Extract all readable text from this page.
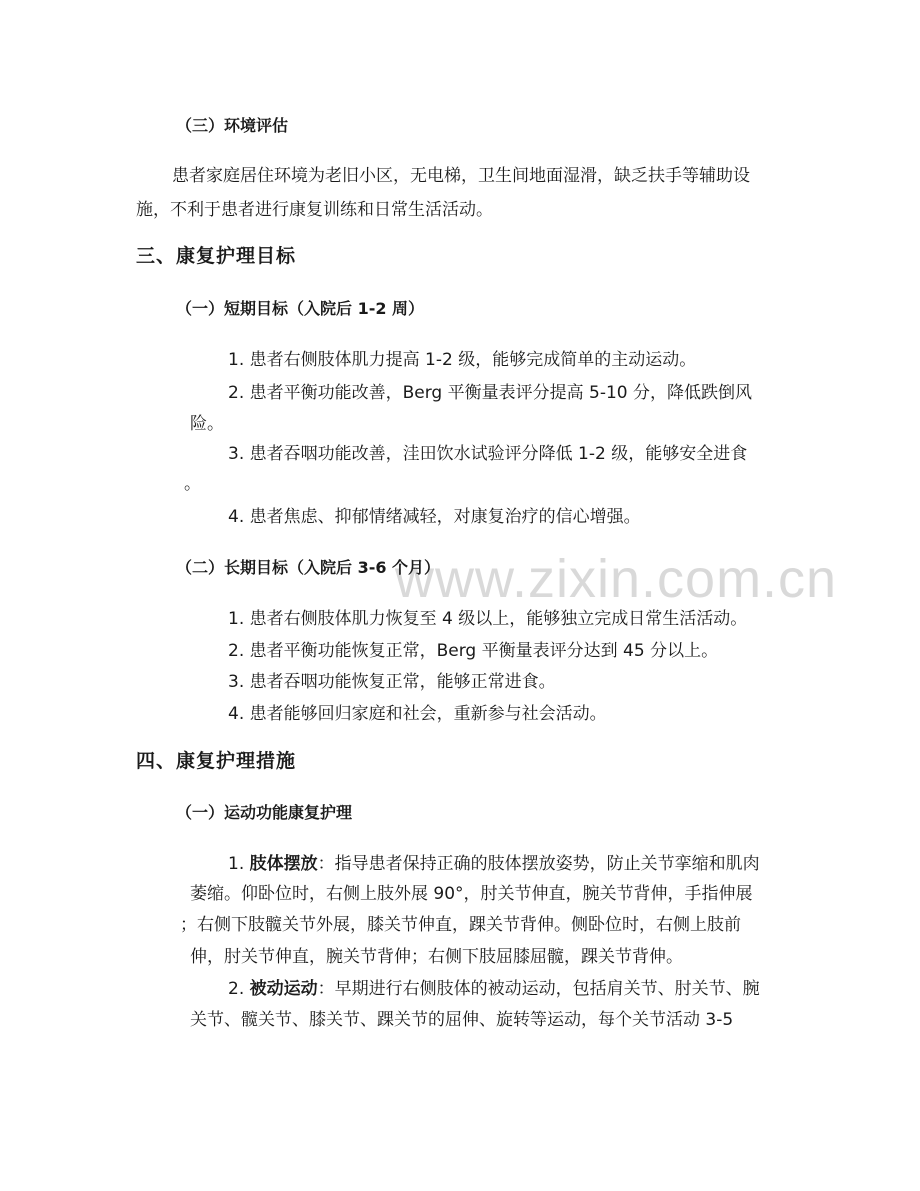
www.zixin.com.cn
（三）环境评估
患者家庭居住环境为老旧小区，无电梯，卫生间地面湿滑，缺乏扶手等辅助设
施，不利于患者进行康复训练和日常生活活动。
三、康复护理目标
（一）短期目标（入院后 1-2 周）
1. 患者右侧肢体肌力提高 1-2 级，能够完成简单的主动运动。
2. 患者平衡功能改善，Berg 平衡量表评分提高 5-10 分，降低跌倒风
险。
3. 患者吞咽功能改善，洼田饮水试验评分降低 1-2 级，能够安全进食
。
4. 患者焦虑、抑郁情绪减轻，对康复治疗的信心增强。
（二）长期目标（入院后 3-6 个月）
1. 患者右侧肢体肌力恢复至 4 级以上，能够独立完成日常生活活动。
2. 患者平衡功能恢复正常，Berg 平衡量表评分达到 45 分以上。
3. 患者吞咽功能恢复正常，能够正常进食。
4. 患者能够回归家庭和社会，重新参与社会活动。
四、康复护理措施
（一）运动功能康复护理
1. 肢体摆放：指导患者保持正确的肢体摆放姿势，防止关节挛缩和肌肉
萎缩。仰卧位时，右侧上肢外展 90°，肘关节伸直，腕关节背伸，手指伸展
；右侧下肢髋关节外展，膝关节伸直，踝关节背伸。侧卧位时，右侧上肢前
伸，肘关节伸直，腕关节背伸；右侧下肢屈膝屈髋，踝关节背伸。
2. 被动运动：早期进行右侧肢体的被动运动，包括肩关节、肘关节、腕
关节、髋关节、膝关节、踝关节的屈伸、旋转等运动，每个关节活动 3-5
